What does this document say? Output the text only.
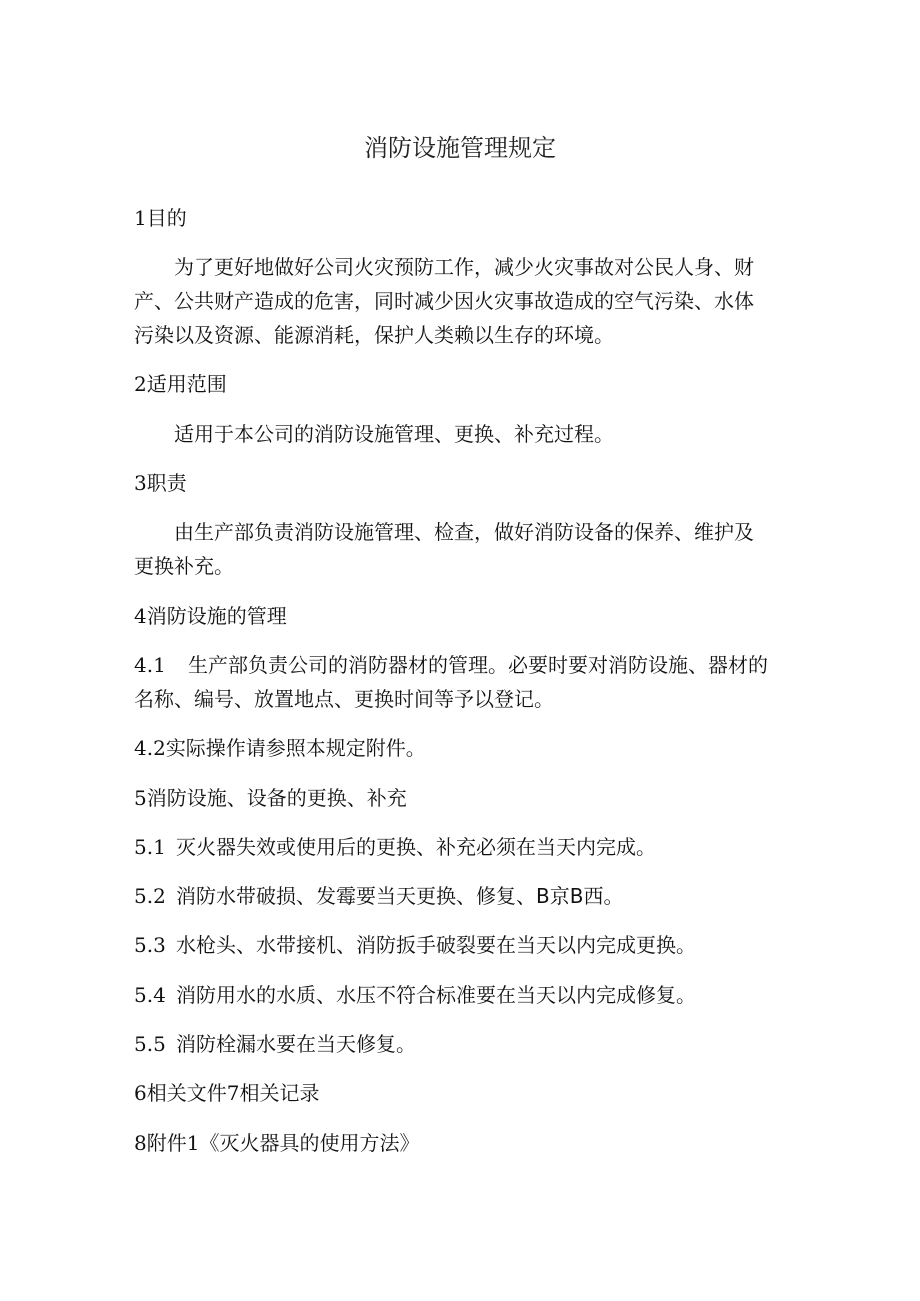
消防设施管理规定
1目的
为了更好地做好公司火灾预防工作，减少火灾事故对公民人身、财
产、公共财产造成的危害，同时减少因火灾事故造成的空气污染、水体
污染以及资源、能源消耗，保护人类赖以生存的环境。
2适用范围
适用于本公司的消防设施管理、更换、补充过程。
3职责
由生产部负责消防设施管理、检查，做好消防设备的保养、维护及
更换补充。
4消防设施的管理
4.1 生产部负责公司的消防器材的管理。必要时要对消防设施、器材的
名称、编号、放置地点、更换时间等予以登记。
4.2实际操作请参照本规定附件。
5消防设施、设备的更换、补充
5.1 灭火器失效或使用后的更换、补充必须在当天内完成。
5.2 消防水带破损、发霉要当天更换、修复、B京B西。
5.3 水枪头、水带接机、消防扳手破裂要在当天以内完成更换。
5.4 消防用水的水质、水压不符合标准要在当天以内完成修复。
5.5 消防栓漏水要在当天修复。
6相关文件7相关记录
8附件1《灭火器具的使用方法》
